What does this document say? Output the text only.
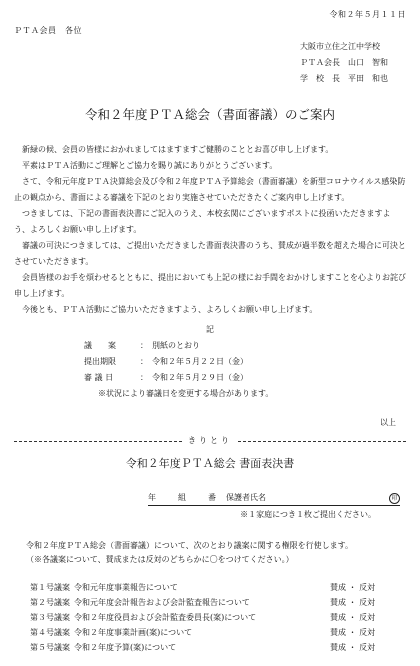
令和２年５月１１日
ＰＴＡ会員　各位
大阪市立住之江中学校
ＰＴＡ会長　山口　智和
学　校　長　平田　和也
令和２年度ＰＴＡ総会（書面審議）のご案内

新緑の候、会員の皆様におかれましてはますますご健勝のこととお喜び申し上げます。

平素はＰＴＡ活動にご理解とご協力を賜り誠にありがとうございます。

さて、令和元年度ＰＴＡ決算総会及び令和２年度ＰＴＡ予算総会（書面審議）を新型コロナウイルス感染防止の観点から、書面による審議を下記のとおり実施させていただきたくご案内申し上げます。

つきましては、下記の書面表決書にご記入のうえ、本校玄関にございますポストに投函いただきますよう、よろしくお願い申し上げます。

審議の可決につきましては、ご提出いただきました書面表決書のうち、賛成が過半数を超えた場合に可決とさせていただきます。

会員皆様のお手を煩わせるとともに、提出においても上記の様にお手間をおかけしますことを心よりお詫び申し上げます。

今後とも、ＰＴＡ活動にご協力いただきますよう、よろしくお願い申し上げます。

記
議　　案	：　別紙のとおり
提出期限	：　令和２年５月２２日（金）
審 議 日	：　令和２年５月２９日（金）
※状況により審議日を変更する場合があります。
以上
きりとり
令和２年度ＰＴＡ総会 書面表決書
年	組	番 保護者氏名	印
※１家庭につき１枚ご提出ください。
令和２年度ＰＴＡ総会（書面審議）について、次のとおり議案に関する権限を行使します。
（※各議案について、賛成または反対のどちらかに〇をつけてください。）
第１号議案 令和元年度事業報告について	賛成 ・ 反対
第２号議案 令和元年度会計報告および会計監査報告について	賛成 ・ 反対
第３号議案 令和２年度役員および会計監査委員長(案)について	賛成 ・ 反対
第４号議案 令和２年度事業計画(案)について	賛成 ・ 反対
第５号議案 令和２年度予算(案)について	賛成 ・ 反対
